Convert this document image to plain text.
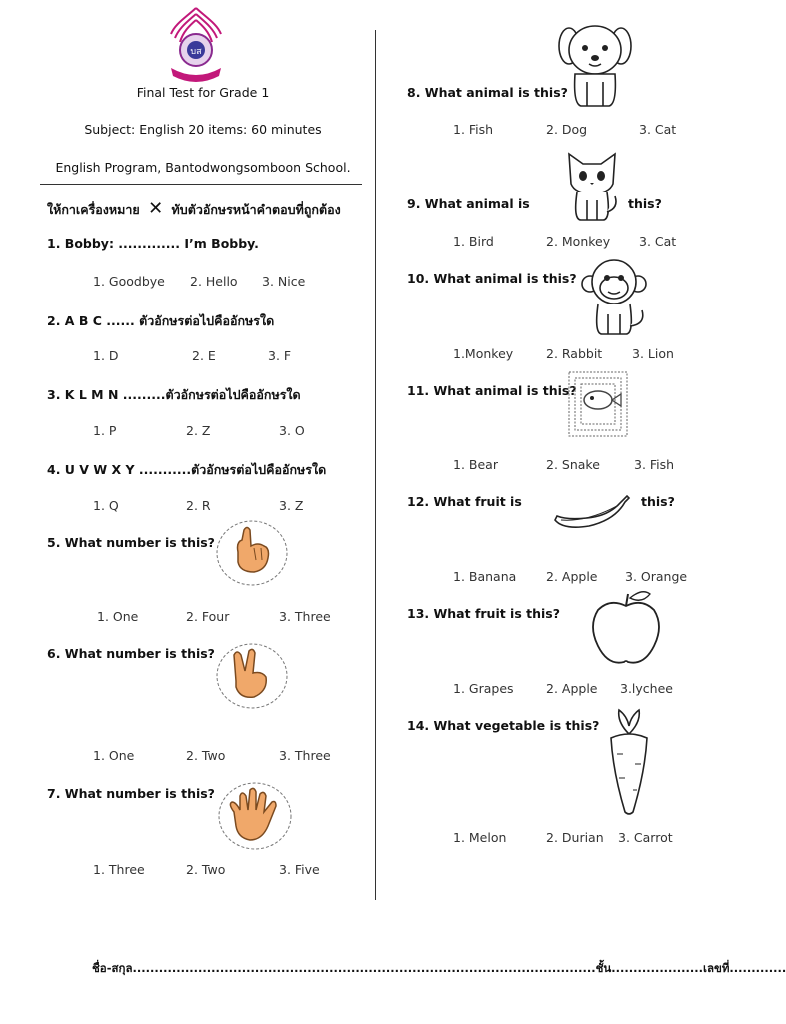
บส
Final Test for Grade 1
Subject: English 20 items: 60 minutes
English Program, Bantodwongsomboon School.
ให้กาเครื่องหมาย ✕ ทับตัวอักษรหน้าคำตอบที่ถูกต้อง
1. Bobby: ............. I’m Bobby.
1. Goodbye 2. Hello 3. Nice
2. A B C ...... ตัวอักษรต่อไปคืออักษรใด
1. D	2. E	3. F
3. K L M N .........ตัวอักษรต่อไปคืออักษรใด
1. P	2. Z	3. O
4. U V W X Y ...........ตัวอักษรต่อไปคืออักษรใด
1. Q	2. R	3. Z
5. What number is this?
1. One	2. Four	3. Three
6. What number is this?
1. One	2. Two	3. Three
7. What number is this?
1. Three	2. Two	3. Five
8. What animal is this?
1. Fish	2. Dog	3. Cat
9. What animal is	this?
1. Bird	2. Monkey 3. Cat
10. What animal is this?
1.Monkey	2. Rabbit 3. Lion
11. What animal is this?
1. Bear	2. Snake	3. Fish
12. What fruit is	this?
1. Banana 2. Apple 3. Orange
13. What fruit is this?
1. Grapes	2. Apple 3.lychee
14. What vegetable is this?
1. Melon	2. Durian 3. Carrot
ชื่อ-สกุล..........................................................................................................ชั้น.....................เลขที่.............
